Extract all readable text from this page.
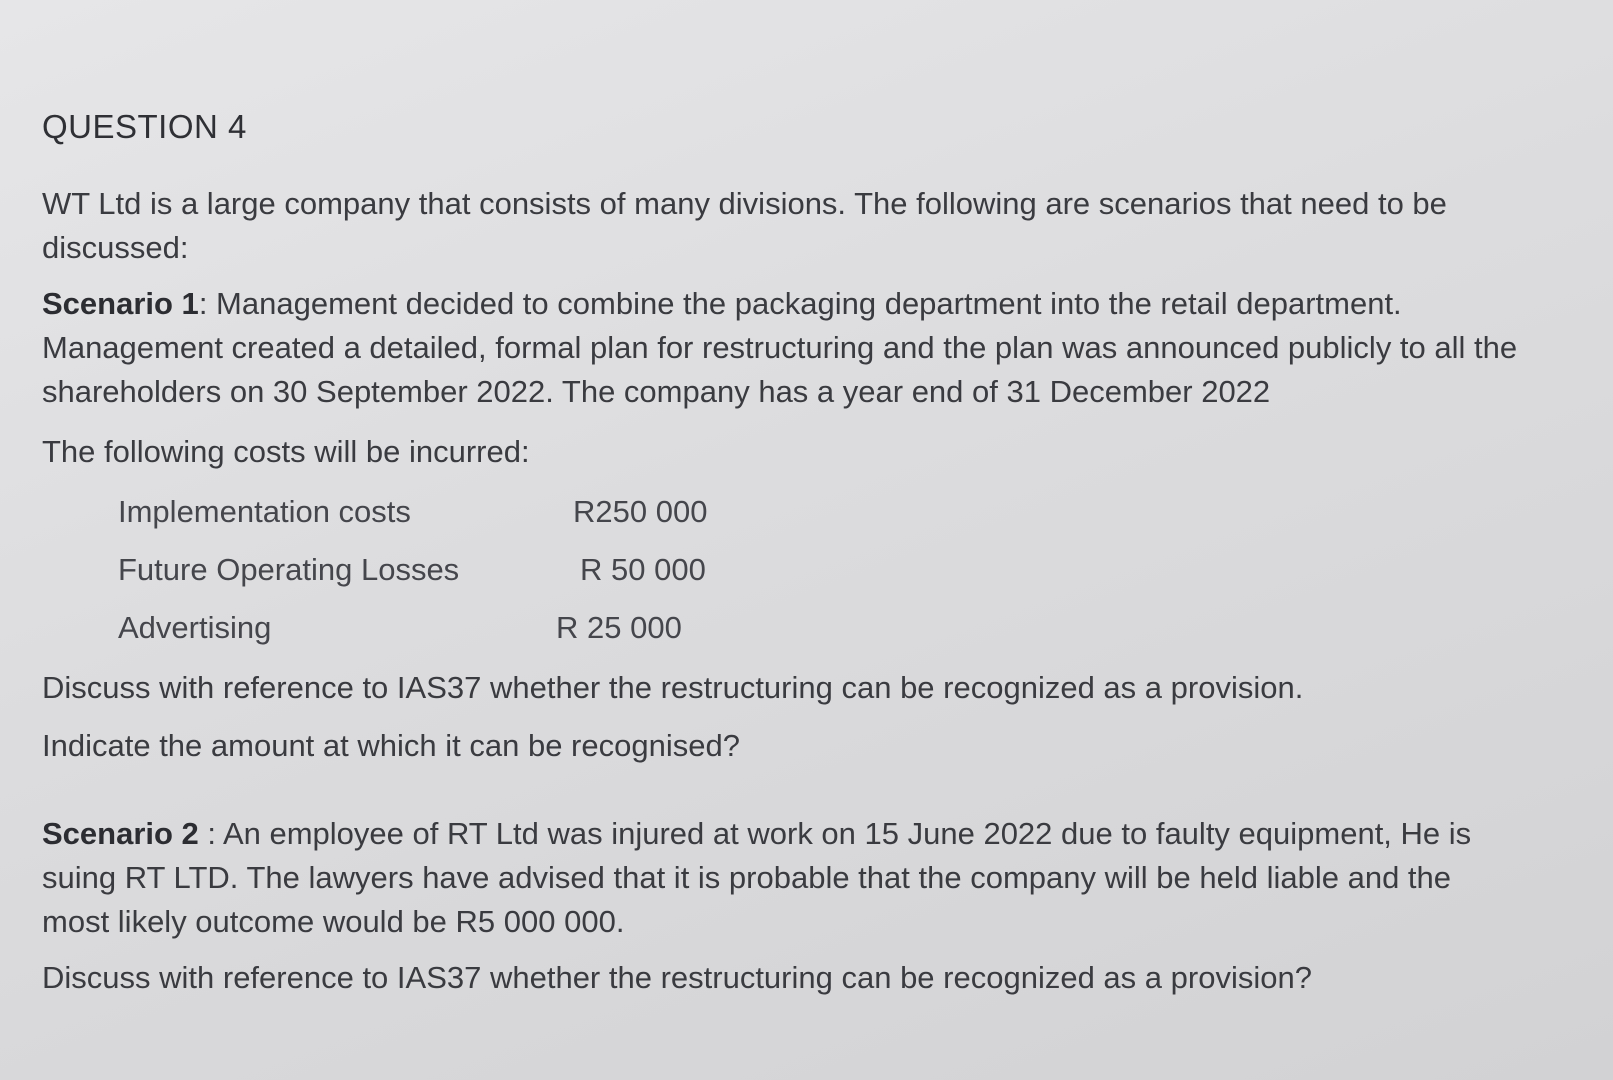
QUESTION 4

WT Ltd is a large company that consists of many divisions. The following are scenarios that need to be discussed:

Scenario 1: Management decided to combine the packaging department into the retail department. Management created a detailed, formal plan for restructuring and the plan was announced publicly to all the shareholders on 30 September 2022. The company has a year end of 31 December 2022

The following costs will be incurred:

Implementation costs	R250 000
Future Operating Losses	R 50 000
Advertising	R 25 000

Discuss with reference to IAS37 whether the restructuring can be recognized as a provision.

Indicate the amount at which it can be recognised?

Scenario 2 : An employee of RT Ltd was injured at work on 15 June 2022 due to faulty equipment, He is suing RT LTD. The lawyers have advised that it is probable that the company will be held liable and the most likely outcome would be R5 000 000.

Discuss with reference to IAS37 whether the restructuring can be recognized as a provision?
